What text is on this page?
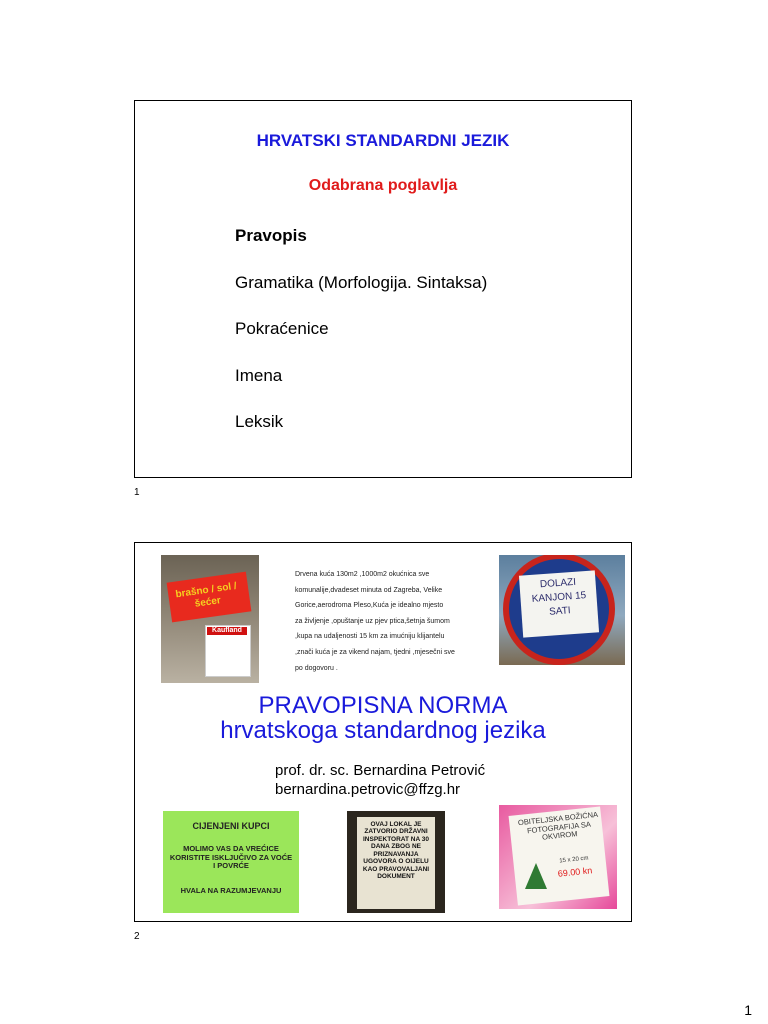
HRVATSKI STANDARDNI JEZIK
Odabrana poglavlja
Pravopis
Gramatika (Morfologija. Sintaksa)
Pokraćenice
Imena
Leksik
1
brašno / sol / šećer
Kaufland
Drvena kuća 130m2 ,1000m2 okućnica sve
komunalije,dvadeset minuta od Zagreba, Velike
Gorice,aerodroma Pleso,Kuća je idealno mjesto
za življenje ,opuštanje uz pjev ptica,šetnja šumom
,kupa na udaljenosti 15 km za imućniju klijantelu
,znači kuća je za vikend najam, tjedni ,mjesečni sve
po dogovoru .
DOLAZI KANJON 15 SATI
PRAVOPISNA NORMA
hrvatskoga standardnog jezika
prof. dr. sc. Bernardina Petrović
bernardina.petrovic@ffzg.hr
CIJENJENI KUPCI
MOLIMO VAS DA VREĆICE KORISTITE ISKLJUČIVO ZA VOĆE I POVRĆE
HVALA NA RAZUMJEVANJU
OVAJ LOKAL JE ZATVORIO DRŽAVNI INSPEKTORAT NA 30 DANA ZBOG NE PRIZNAVANJA UGOVORA O OIJELU KAO PRAVOVALJANI DOKUMENT
OBITELJSKA BOŽIĆNA FOTOGRAFIJA SA OKVIROM
15 x 20 cm
69.00 kn
2
1
